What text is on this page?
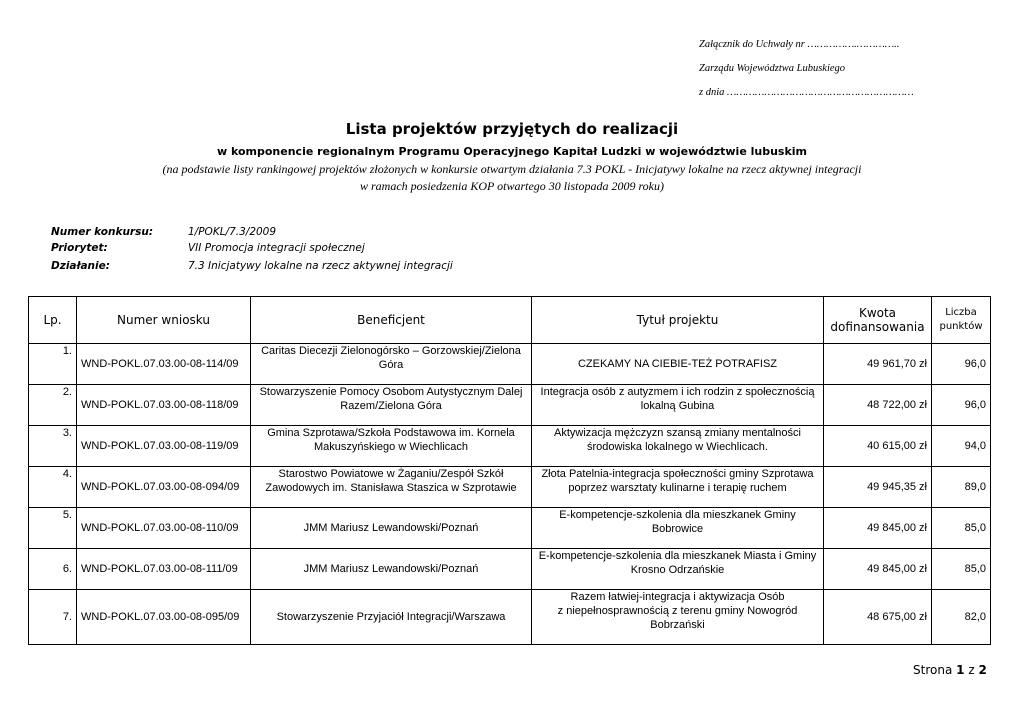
Załącznik do Uchwały nr …………….…………..
Zarządu Województwa Lubuskiego
z dnia ……………………………………………………
Lista projektów przyjętych do realizacji
w komponencie regionalnym Programu Operacyjnego Kapitał Ludzki w województwie lubuskim
(na podstawie listy rankingowej projektów złożonych w konkursie otwartym działania 7.3 POKL - Inicjatywy lokalne na rzecz aktywnej integracji
w ramach posiedzenia KOP otwartego 30 listopada 2009 roku)
Numer konkursu:	1/POKL/7.3/2009
Priorytet:	VII Promocja integracji społecznej
Działanie:	7.3 Inicjatywy lokalne na rzecz aktywnej integracji
Lp.	Numer wniosku	Beneficjent	Tytuł projektu	Kwota
dofinansowania	Liczba
punktów
1.	WND-POKL.07.03.00-08-114/09	Caritas Diecezji Zielonogórsko – Gorzowskiej/Zielona
Góra	CZEKAMY NA CIEBIE-TEŻ POTRAFISZ	49 961,70 zł	96,0
2.	WND-POKL.07.03.00-08-118/09	Stowarzyszenie Pomocy Osobom Autystycznym Dalej
Razem/Zielona Góra	Integracja osób z autyzmem i ich rodzin z społecznością
lokalną Gubina	48 722,00 zł	96,0
3.	WND-POKL.07.03.00-08-119/09	Gmina Szprotawa/Szkoła Podstawowa im. Kornela
Makuszyńskiego w Wiechlicach	Aktywizacja mężczyzn szansą zmiany mentalności
środowiska lokalnego w Wiechlicach.	40 615,00 zł	94,0
4.	WND-POKL.07.03.00-08-094/09	Starostwo Powiatowe w Żaganiu/Zespół Szkół
Zawodowych im. Stanisława Staszica w Szprotawie	Złota Patelnia-integracja społeczności gminy Szprotawa
poprzez warsztaty kulinarne i terapię ruchem	49 945,35 zł	89,0
5.	WND-POKL.07.03.00-08-110/09	JMM Mariusz Lewandowski/Poznań	E-kompetencje-szkolenia dla mieszkanek Gminy
Bobrowice	49 845,00 zł	85,0
6.	WND-POKL.07.03.00-08-111/09	JMM Mariusz Lewandowski/Poznań	E-kompetencje-szkolenia dla mieszkanek Miasta i Gminy
Krosno Odrzańskie	49 845,00 zł	85,0
7.	WND-POKL.07.03.00-08-095/09	Stowarzyszenie Przyjaciół Integracji/Warszawa	Razem łatwiej-integracja i aktywizacja Osób
z niepełnosprawnością z terenu gminy Nowogród
Bobrzański	48 675,00 zł	82,0
Strona 1 z 2
